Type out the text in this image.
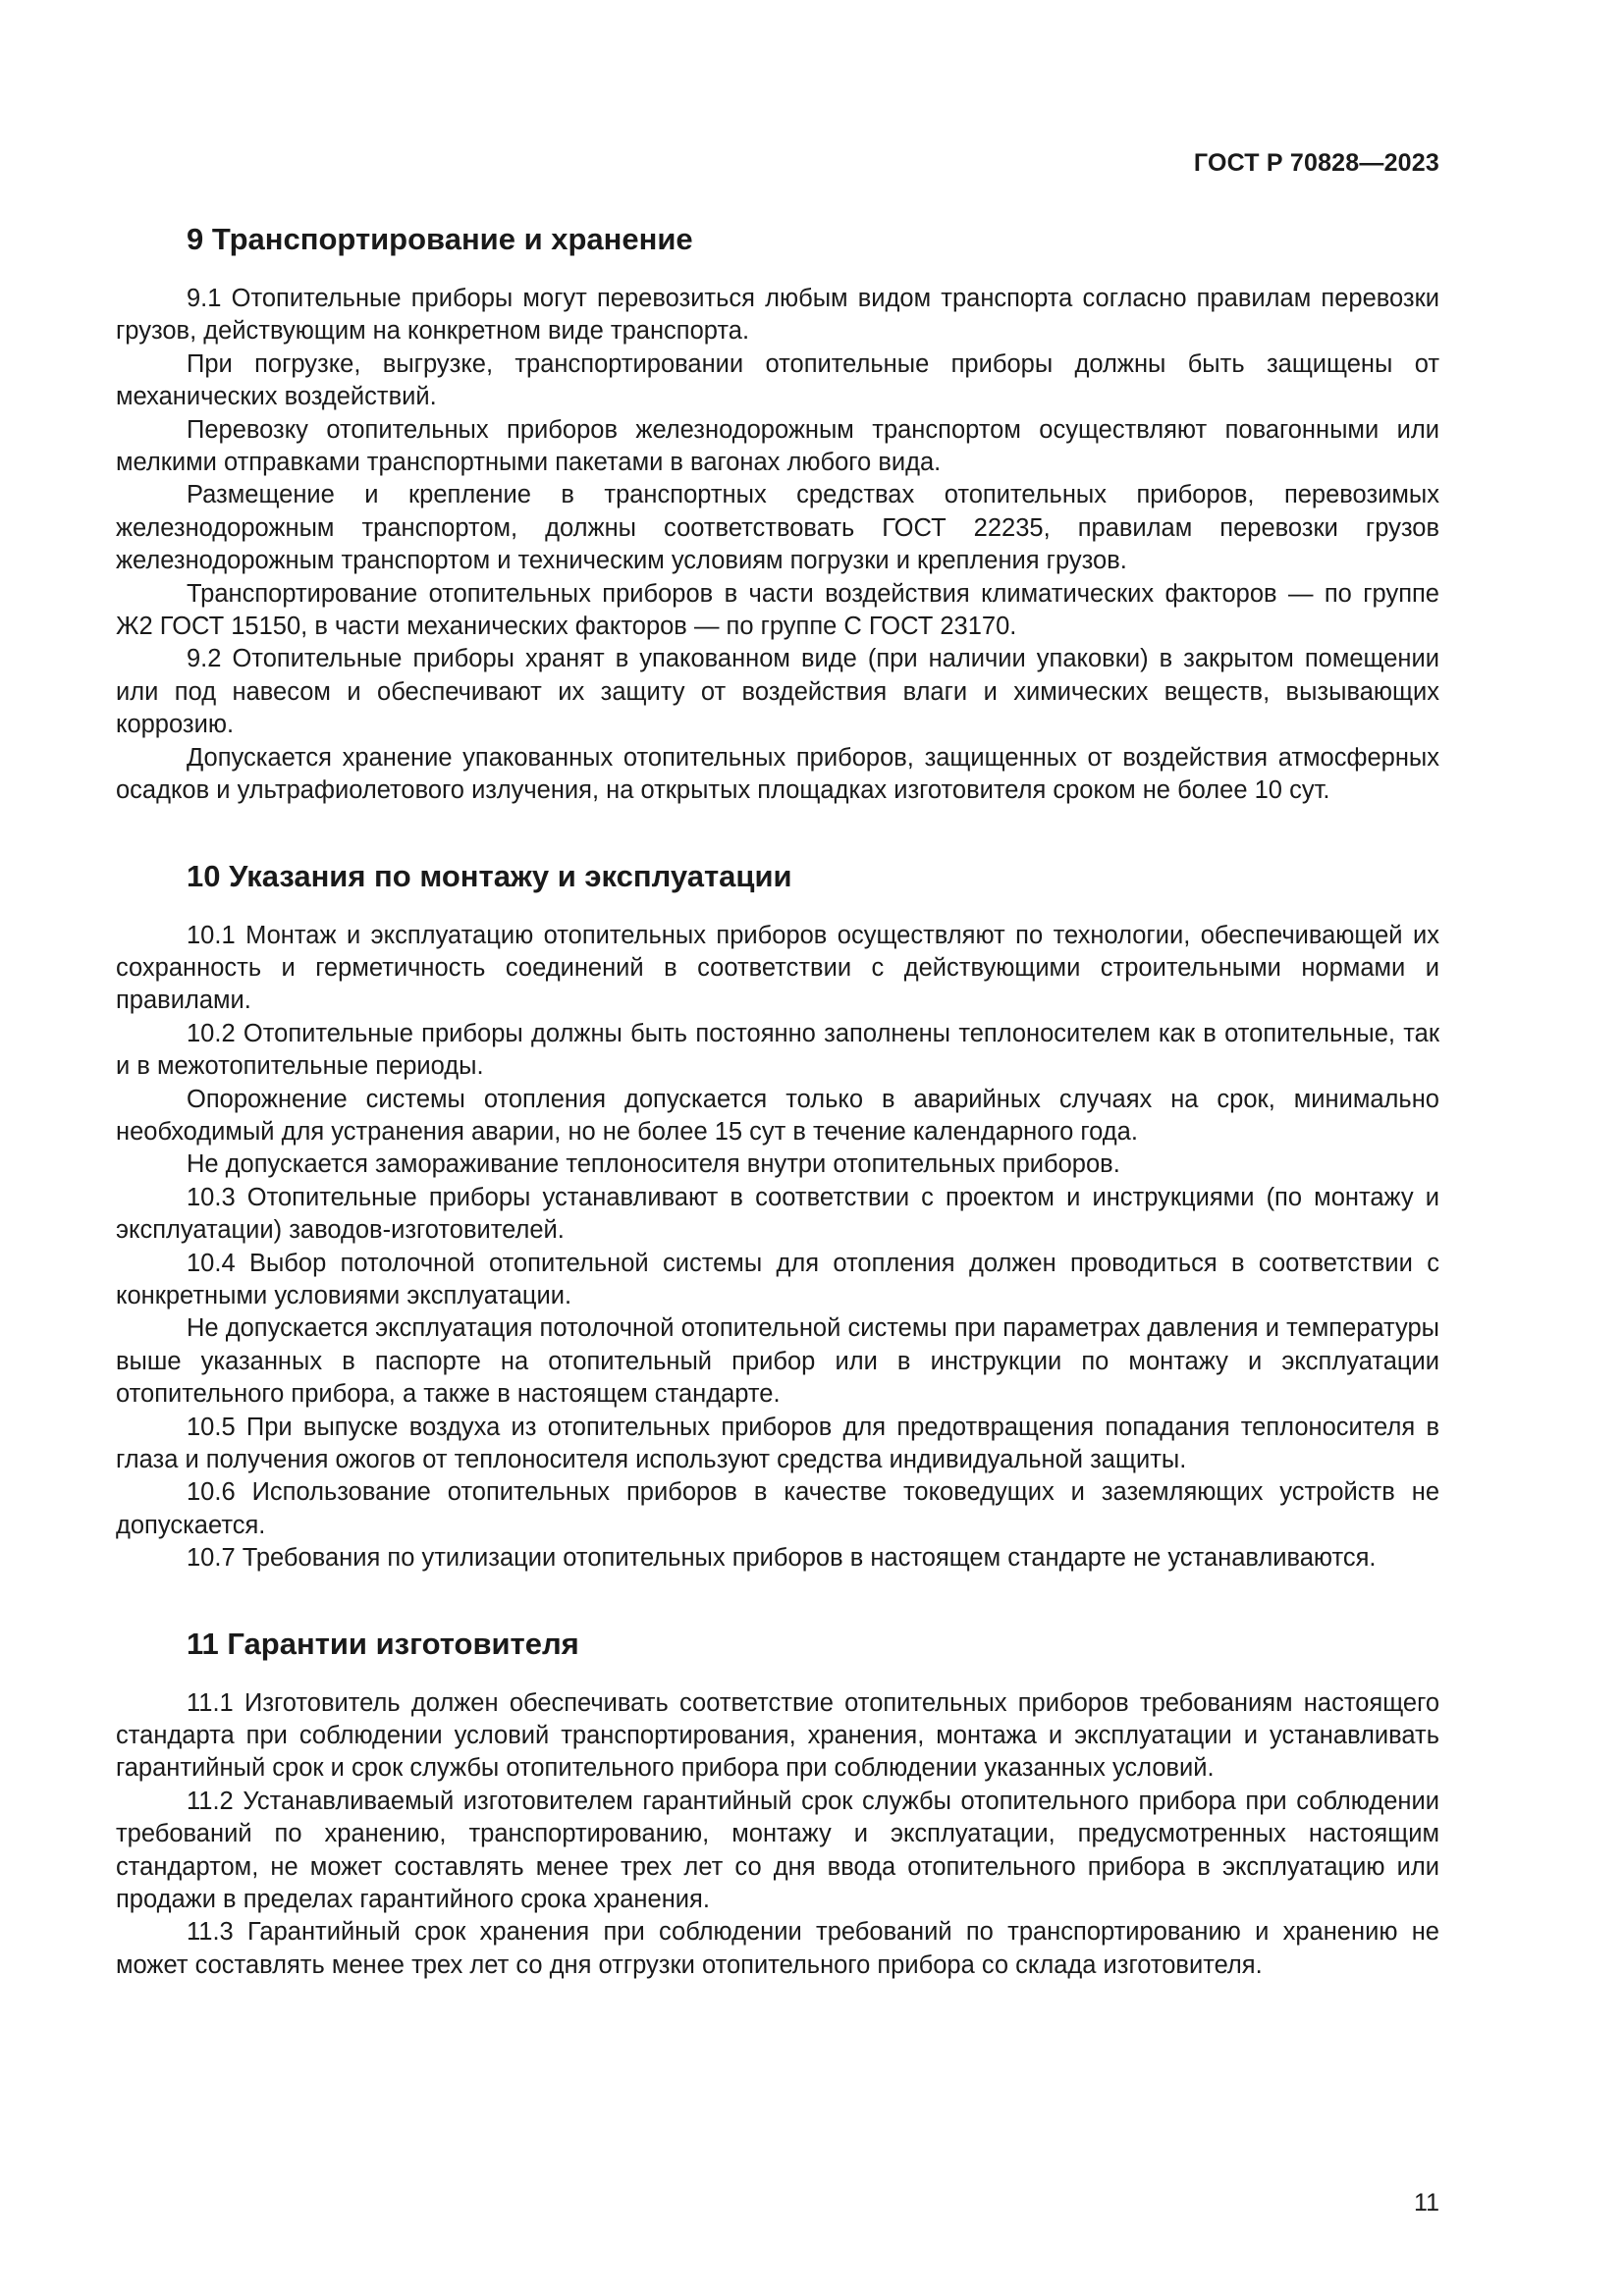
ГОСТ Р 70828—2023
9 Транспортирование и хранение

9.1 Отопительные приборы могут перевозиться любым видом транспорта согласно правилам перевозки грузов, действующим на конкретном виде транспорта.

При погрузке, выгрузке, транспортировании отопительные приборы должны быть защищены от механических воздействий.

Перевозку отопительных приборов железнодорожным транспортом осуществляют повагонными или мелкими отправками транспортными пакетами в вагонах любого вида.

Размещение и крепление в транспортных средствах отопительных приборов, перевозимых железнодорожным транспортом, должны соответствовать ГОСТ 22235, правилам перевозки грузов железнодорожным транспортом и техническим условиям погрузки и крепления грузов.

Транспортирование отопительных приборов в части воздействия климатических факторов — по группе Ж2 ГОСТ 15150, в части механических факторов — по группе С ГОСТ 23170.

9.2 Отопительные приборы хранят в упакованном виде (при наличии упаковки) в закрытом помещении или под навесом и обеспечивают их защиту от воздействия влаги и химических веществ, вызывающих коррозию.

Допускается хранение упакованных отопительных приборов, защищенных от воздействия атмосферных осадков и ультрафиолетового излучения, на открытых площадках изготовителя сроком не более 10 сут.

10 Указания по монтажу и эксплуатации

10.1 Монтаж и эксплуатацию отопительных приборов осуществляют по технологии, обеспечивающей их сохранность и герметичность соединений в соответствии с действующими строительными нормами и правилами.

10.2 Отопительные приборы должны быть постоянно заполнены теплоносителем как в отопительные, так и в межотопительные периоды.

Опорожнение системы отопления допускается только в аварийных случаях на срок, минимально необходимый для устранения аварии, но не более 15 сут в течение календарного года.

Не допускается замораживание теплоносителя внутри отопительных приборов.

10.3 Отопительные приборы устанавливают в соответствии с проектом и инструкциями (по монтажу и эксплуатации) заводов-изготовителей.

10.4 Выбор потолочной отопительной системы для отопления должен проводиться в соответствии с конкретными условиями эксплуатации.

Не допускается эксплуатация потолочной отопительной системы при параметрах давления и температуры выше указанных в паспорте на отопительный прибор или в инструкции по монтажу и эксплуатации отопительного прибора, а также в настоящем стандарте.

10.5 При выпуске воздуха из отопительных приборов для предотвращения попадания теплоносителя в глаза и получения ожогов от теплоносителя используют средства индивидуальной защиты.

10.6 Использование отопительных приборов в качестве токоведущих и заземляющих устройств не допускается.

10.7 Требования по утилизации отопительных приборов в настоящем стандарте не устанавливаются.

11 Гарантии изготовителя

11.1 Изготовитель должен обеспечивать соответствие отопительных приборов требованиям настоящего стандарта при соблюдении условий транспортирования, хранения, монтажа и эксплуатации и устанавливать гарантийный срок и срок службы отопительного прибора при соблюдении указанных условий.

11.2 Устанавливаемый изготовителем гарантийный срок службы отопительного прибора при соблюдении требований по хранению, транспортированию, монтажу и эксплуатации, предусмотренных настоящим стандартом, не может составлять менее трех лет со дня ввода отопительного прибора в эксплуатацию или продажи в пределах гарантийного срока хранения.

11.3 Гарантийный срок хранения при соблюдении требований по транспортированию и хранению не может составлять менее трех лет со дня отгрузки отопительного прибора со склада изготовителя.

11
